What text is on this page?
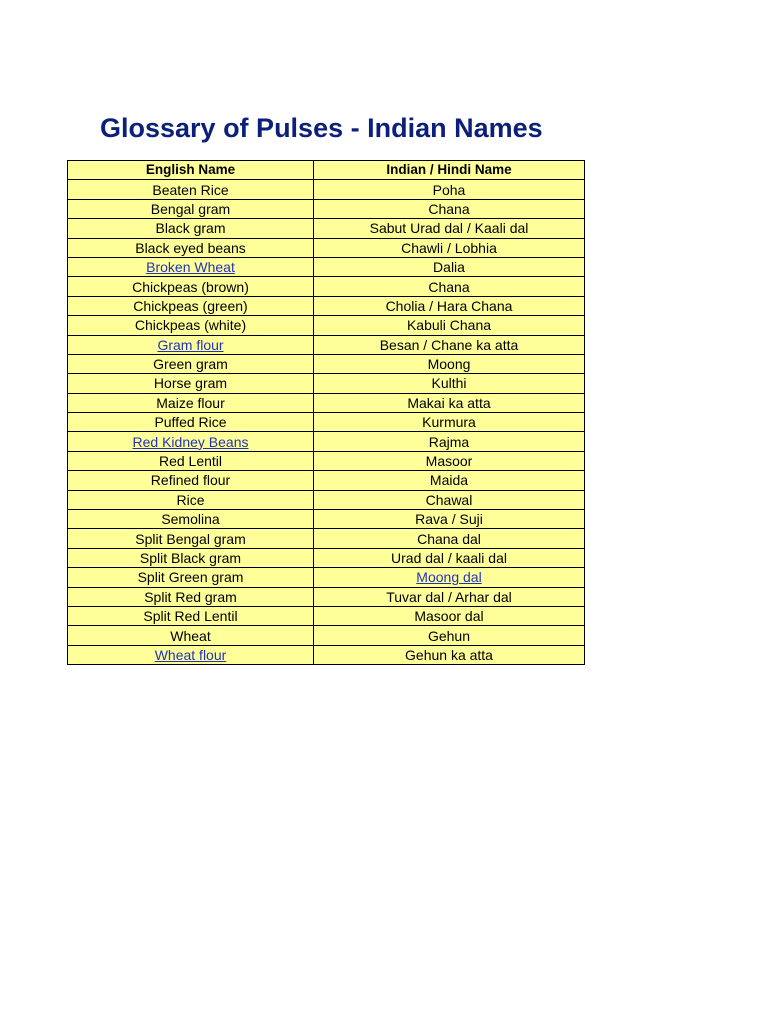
Glossary of Pulses - Indian Names
English Name	Indian / Hindi Name
Beaten Rice	Poha
Bengal gram	Chana
Black gram	Sabut Urad dal / Kaali dal
Black eyed beans	Chawli / Lobhia
Broken Wheat	Dalia
Chickpeas (brown)	Chana
Chickpeas (green)	Cholia / Hara Chana
Chickpeas (white)	Kabuli Chana
Gram flour	Besan / Chane ka atta
Green gram	Moong
Horse gram	Kulthi
Maize flour	Makai ka atta
Puffed Rice	Kurmura
Red Kidney Beans	Rajma
Red Lentil	Masoor
Refined flour	Maida
Rice	Chawal
Semolina	Rava / Suji
Split Bengal gram	Chana dal
Split Black gram	Urad dal / kaali dal
Split Green gram	Moong dal
Split Red gram	Tuvar dal / Arhar dal
Split Red Lentil	Masoor dal
Wheat	Gehun
Wheat flour	Gehun ka atta
